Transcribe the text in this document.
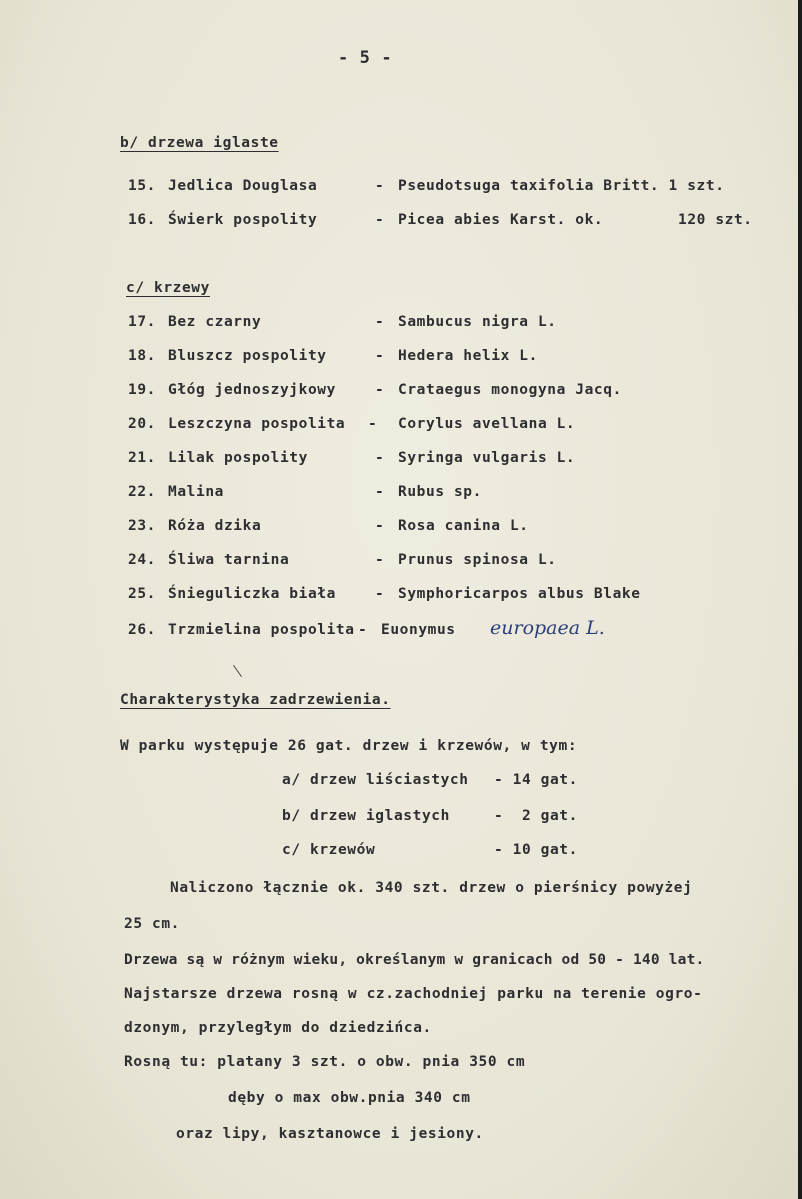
- 5 -
b/ drzewa iglaste
15. Jedlica Douglasa	- Pseudotsuga taxifolia Britt. 1 szt.
16. Świerk pospolity	- Picea abies Karst. ok.	120 szt.
c/ krzewy
17. Bez czarny	- Sambucus nigra L.
18. Bluszcz pospolity	- Hedera helix L.
19. Głóg jednoszyjkowy	- Crataegus monogyna Jacq.
20. Leszczyna pospolita - Corylus avellana L.
21. Lilak pospolity	- Syringa vulgaris L.
22. Malina	- Rubus sp.
23. Róża dzika	- Rosa canina L.
24. Śliwa tarnina	- Prunus spinosa L.
25. Śnieguliczka biała	- Symphoricarpos albus Blake
26. Trzmielina pospolita - Euonymus europaea L.
Charakterystyka zadrzewienia.
W parku występuje 26 gat. drzew i krzewów, w tym:
a/ drzew liściastych - 14 gat.
b/ drzew iglastych	-  2 gat.
c/ krzewów	- 10 gat.
Naliczono łącznie ok. 340 szt. drzew o pierśnicy powyżej
25 cm.
Drzewa są w różnym wieku, określanym w granicach od 50 - 140 lat.
Najstarsze drzewa rosną w cz.zachodniej parku na terenie ogro-
dzonym, przyległym do dziedzińca.
Rosną tu: platany 3 szt. o obw. pnia 350 cm
dęby o max obw.pnia 340 cm
oraz lipy, kasztanowce i jesiony.
